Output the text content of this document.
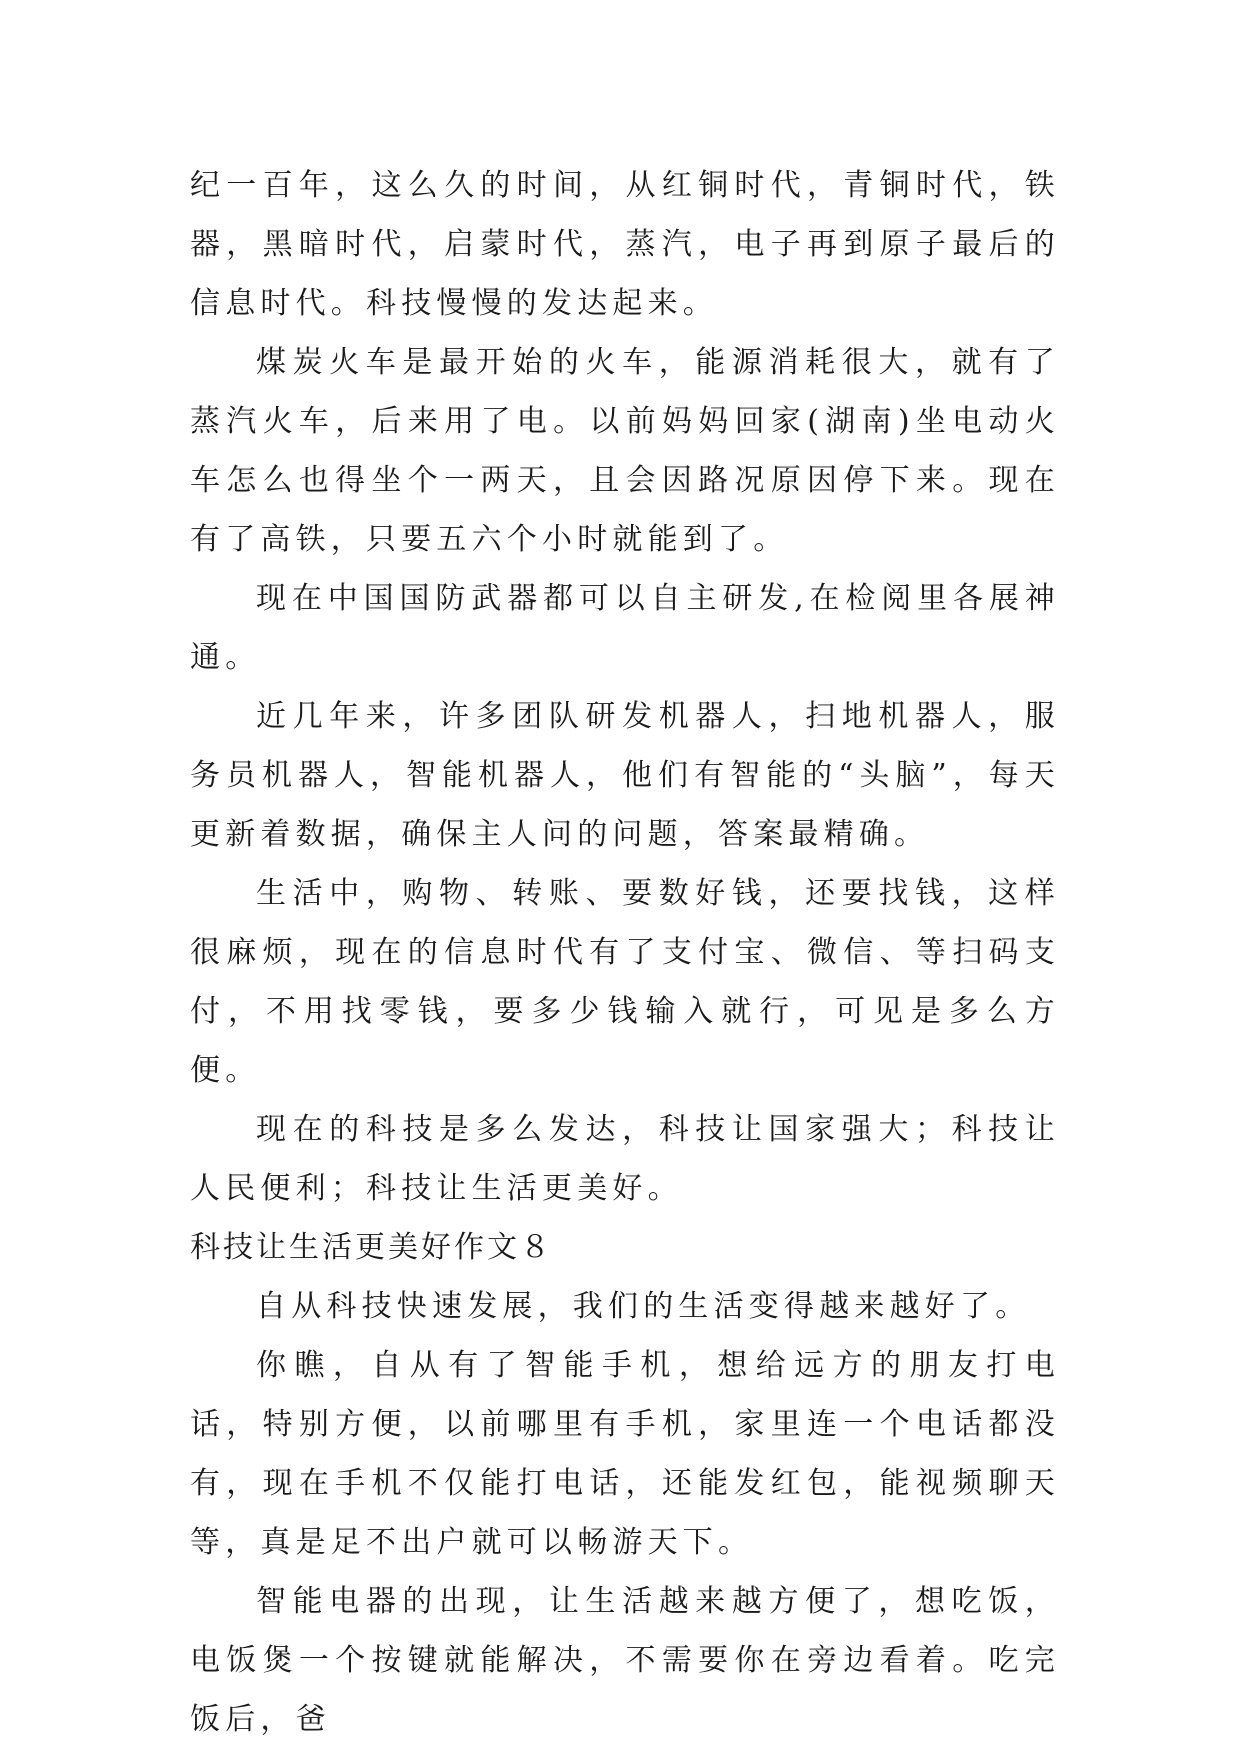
纪一百年，这么久的时间，从红铜时代，青铜时代，铁器，黑暗时代，启蒙时代，蒸汽，电子再到原子最后的信息时代。科技慢慢的发达起来。

煤炭火车是最开始的火车，能源消耗很大，就有了蒸汽火车，后来用了电。以前妈妈回家(湖南)坐电动火车怎么也得坐个一两天，且会因路况原因停下来。现在有了高铁，只要五六个小时就能到了。

现在中国国防武器都可以自主研发,在检阅里各展神通。

近几年来，许多团队研发机器人，扫地机器人，服务员机器人，智能机器人，他们有智能的“头脑”，每天更新着数据，确保主人问的问题，答案最精确。

生活中，购物、转账、要数好钱，还要找钱，这样很麻烦，现在的信息时代有了支付宝、微信、等扫码支付，不用找零钱，要多少钱输入就行，可见是多么方便。

现在的科技是多么发达，科技让国家强大；科技让人民便利；科技让生活更美好。

科技让生活更美好作文８

自从科技快速发展，我们的生活变得越来越好了。

你瞧，自从有了智能手机，想给远方的朋友打电话，特别方便，以前哪里有手机，家里连一个电话都没有，现在手机不仅能打电话，还能发红包，能视频聊天等，真是足不出户就可以畅游天下。

智能电器的出现，让生活越来越方便了，想吃饭，电饭煲一个按键就能解决，不需要你在旁边看着。吃完饭后，爸
